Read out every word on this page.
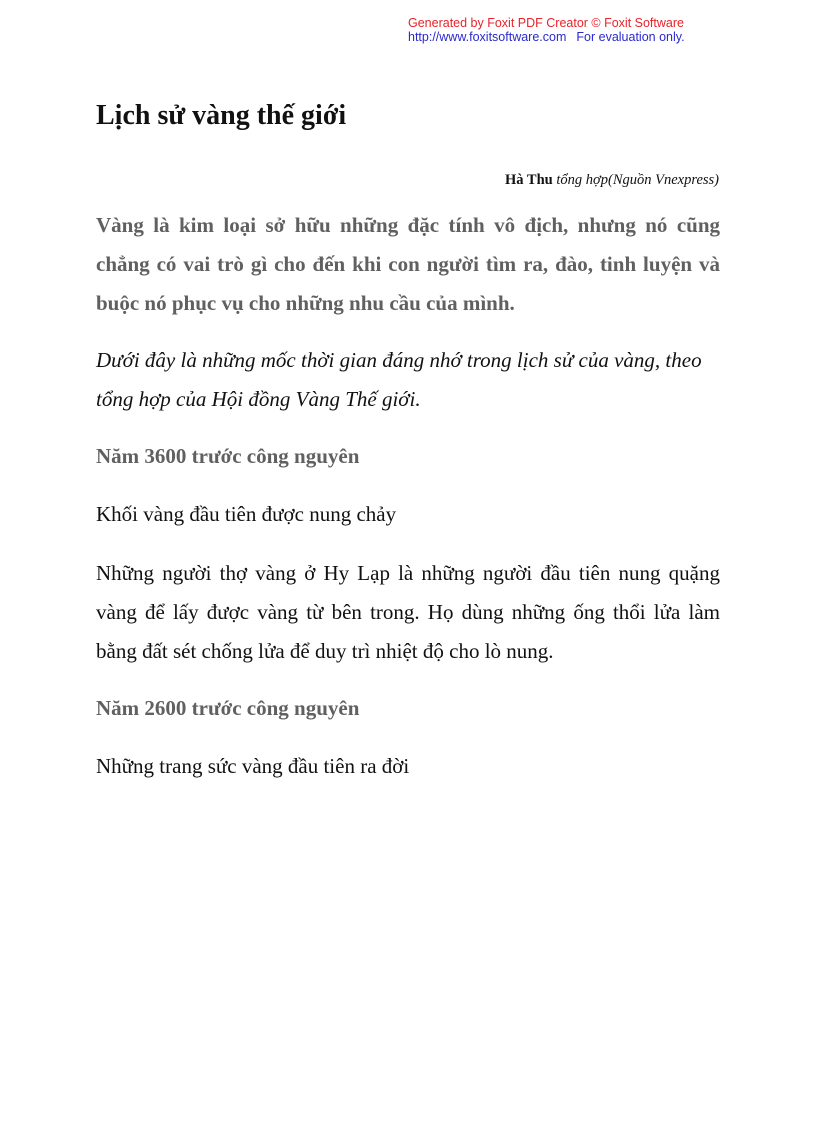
Generated by Foxit PDF Creator © Foxit Software
http://www.foxitsoftware.com For evaluation only.
Lịch sử vàng thế giới
Hà Thu tổng hợp(Nguồn Vnexpress)

Vàng là kim loại sở hữu những đặc tính vô địch, nhưng nó cũng chẳng có vai trò gì cho đến khi con người tìm ra, đào, tinh luyện và buộc nó phục vụ cho những nhu cầu của mình.

Dưới đây là những mốc thời gian đáng nhớ trong lịch sử của vàng, theo tổng hợp của Hội đồng Vàng Thế giới.

Năm 3600 trước công nguyên

Khối vàng đầu tiên được nung chảy

Những người thợ vàng ở Hy Lạp là những người đầu tiên nung quặng vàng để lấy được vàng từ bên trong. Họ dùng những ống thổi lửa làm bằng đất sét chống lửa để duy trì nhiệt độ cho lò nung.

Năm 2600 trước công nguyên

Những trang sức vàng đầu tiên ra đời
